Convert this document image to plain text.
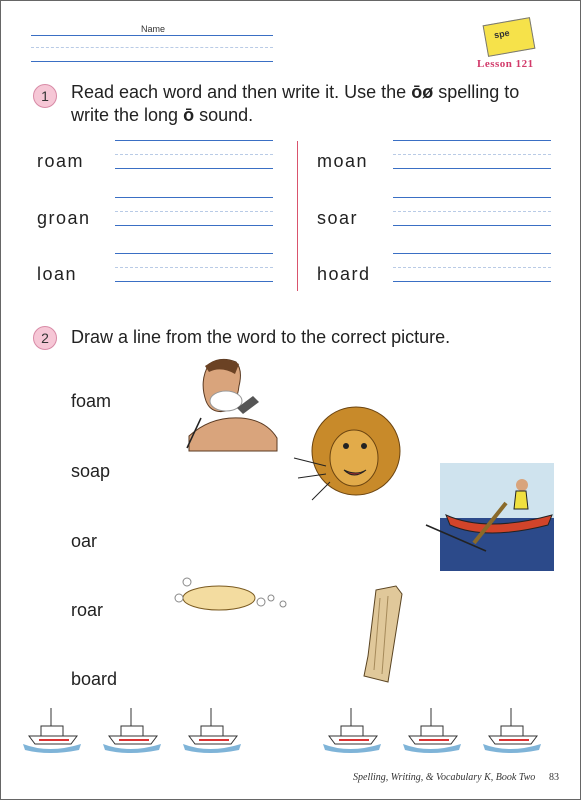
Name	spe
Lesson 121
1	Read each word and then write it. Use the ōø spelling to
write the long ō sound.
roam
groan
loan
moan
soar
hoard
2	Draw a line from the word to the correct picture.
foam
soap
oar
roar
board
Spelling, Writing, & Vocabulary K, Book Two 83
